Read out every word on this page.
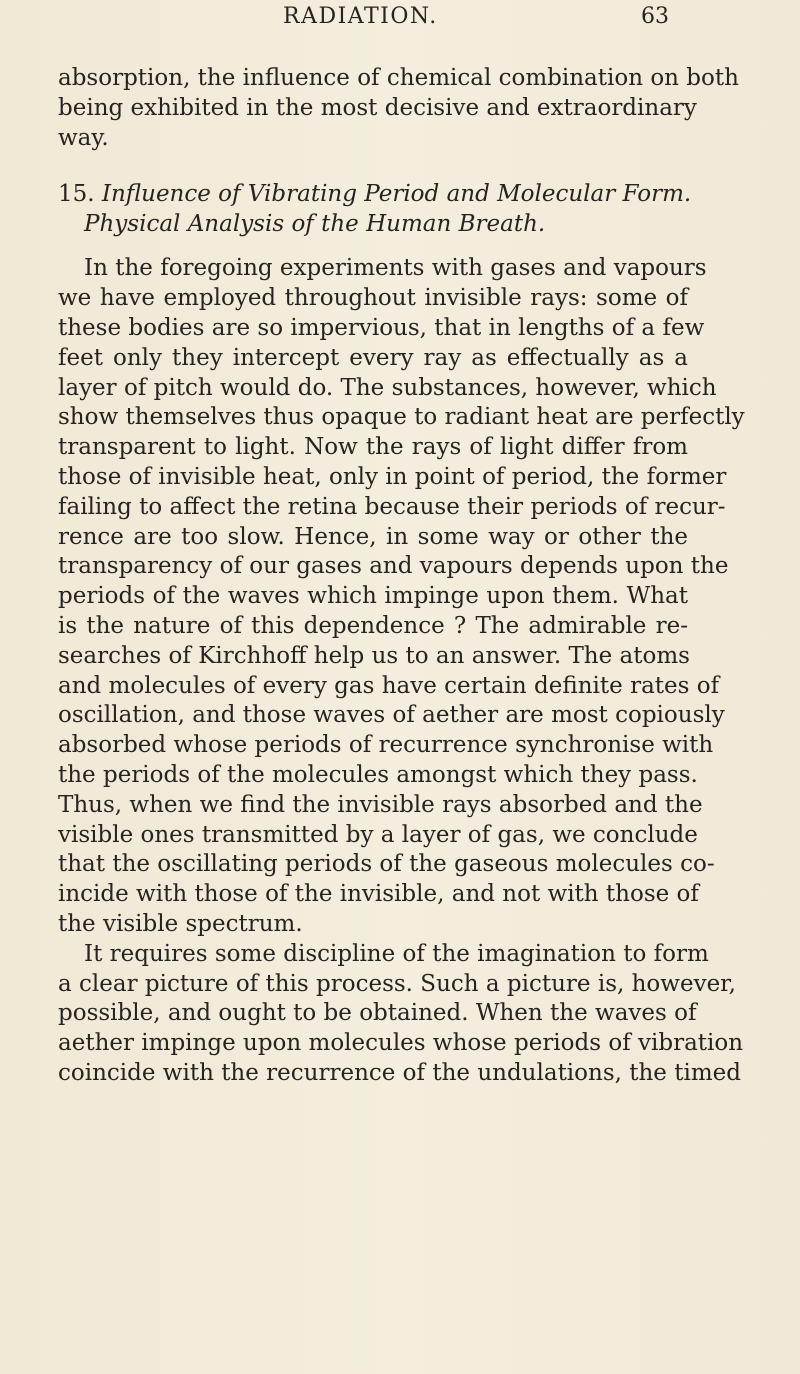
RADIATION.	63
absorption, the influence of chemical combination on both
being exhibited in the most decisive and extraordinary
way.
15. Influence of Vibrating Period and Molecular Form.
Physical Analysis of the Human Breath.
In the foregoing experiments with gases and vapours
we have employed throughout invisible rays: some of
these bodies are so impervious, that in lengths of a few
feet only they intercept every ray as effectually as a
layer of pitch would do. The substances, however, which
show themselves thus opaque to radiant heat are perfectly
transparent to light. Now the rays of light differ from
those of invisible heat, only in point of period, the former
failing to affect the retina because their periods of recur-
rence are too slow. Hence, in some way or other the
transparency of our gases and vapours depends upon the
periods of the waves which impinge upon them. What
is the nature of this dependence ? The admirable re-
searches of Kirchhoff help us to an answer. The atoms
and molecules of every gas have certain definite rates of
oscillation, and those waves of aether are most copiously
absorbed whose periods of recurrence synchronise with
the periods of the molecules amongst which they pass.
Thus, when we find the invisible rays absorbed and the
visible ones transmitted by a layer of gas, we conclude
that the oscillating periods of the gaseous molecules co-
incide with those of the invisible, and not with those of
the visible spectrum.
It requires some discipline of the imagination to form
a clear picture of this process. Such a picture is, however,
possible, and ought to be obtained. When the waves of
aether impinge upon molecules whose periods of vibration
coincide with the recurrence of the undulations, the timed
